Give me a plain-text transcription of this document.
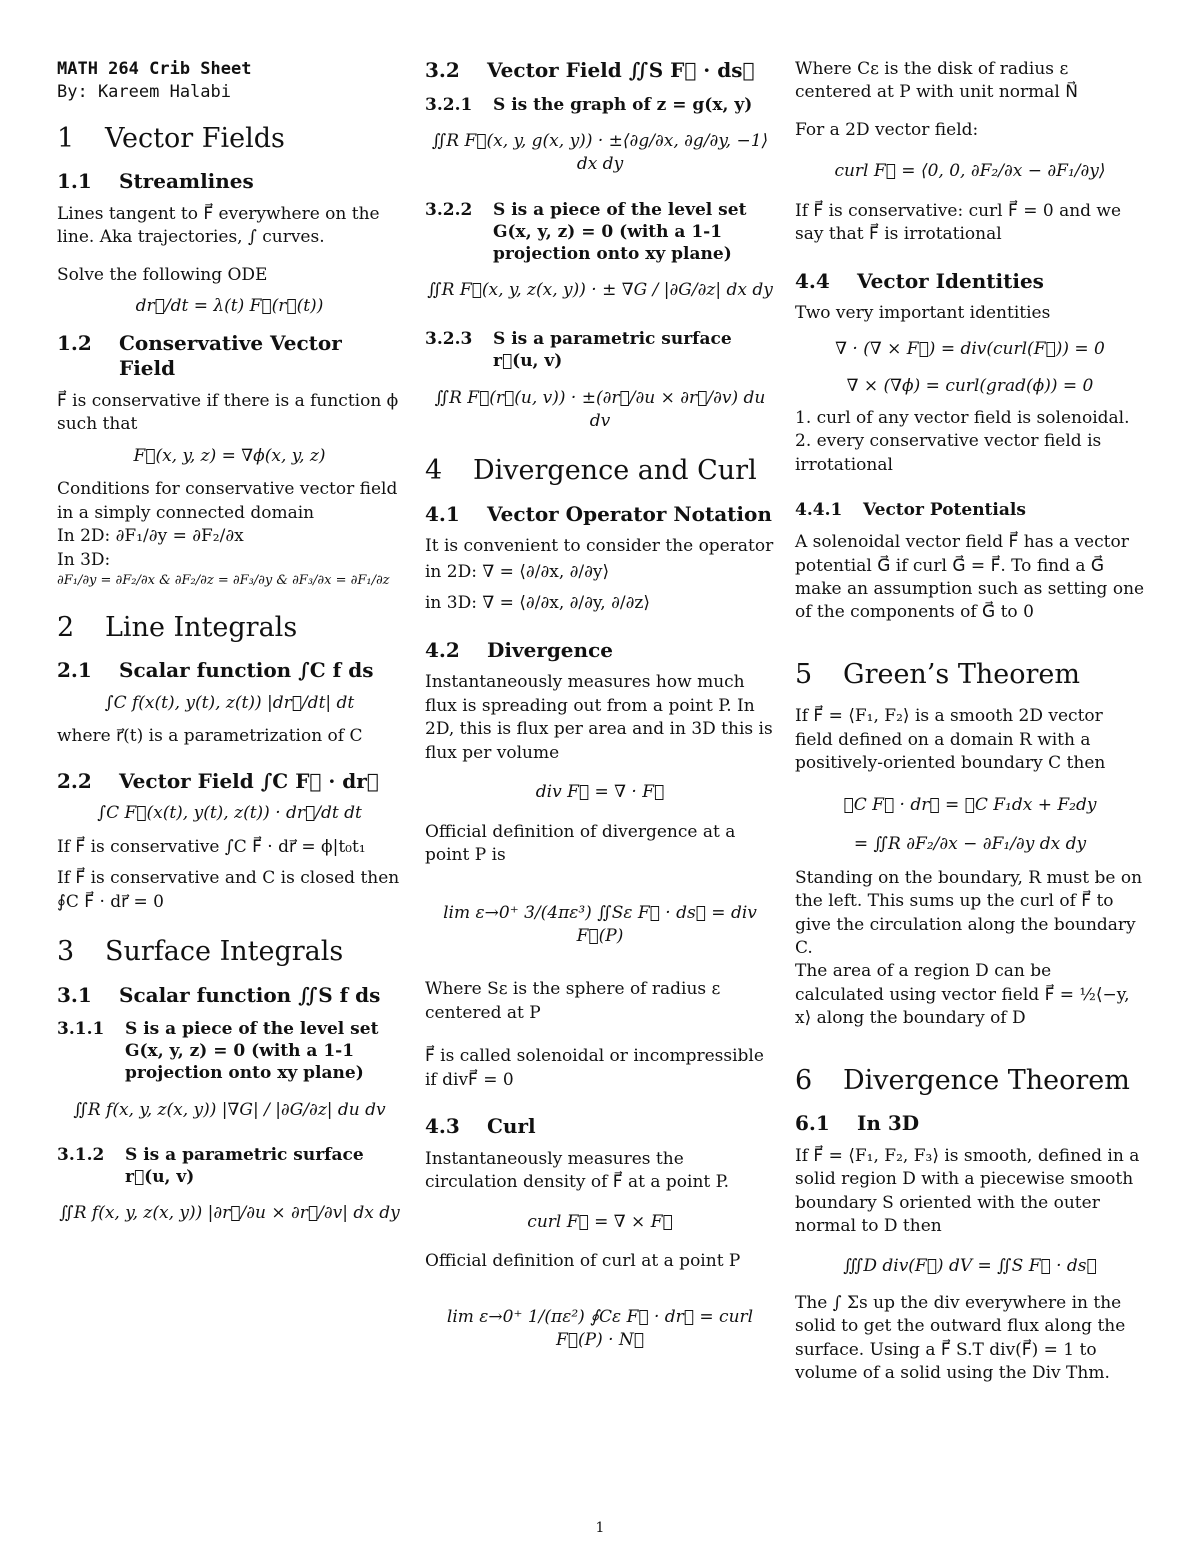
MATH 264 Crib Sheet
By: Kareem Halabi
1 Vector Fields
1.1	Streamlines

Lines tangent to F⃗ everywhere on the line. Aka trajectories, ∫ curves.

Solve the following ODE

dr⃗/dt = λ(t) F⃗(r⃗(t))
1.2	Conservative Vector Field

F⃗ is conservative if there is a function ϕ such that

F⃗(x, y, z) = ∇ϕ(x, y, z)

Conditions for conservative vector field in a simply connected domain

In 2D: ∂F₁/∂y = ∂F₂/∂x
In 3D:
∂F₁/∂y = ∂F₂/∂x & ∂F₂/∂z = ∂F₃/∂y & ∂F₃/∂x = ∂F₁/∂z
2 Line Integrals
2.1	Scalar function ∫C f ds
∫C f(x(t), y(t), z(t)) |dr⃗/dt| dt

where r⃗(t) is a parametrization of C

2.2	Vector Field ∫C F⃗ · dr⃗
∫C F⃗(x(t), y(t), z(t)) · dr⃗/dt dt

If F⃗ is conservative ∫C F⃗ · dr⃗ = ϕ|t₀t₁

If F⃗ is conservative and C is closed then ∮C F⃗ · dr⃗ = 0

3 Surface Integrals
3.1	Scalar function ∬S f ds
3.1.1	S is a piece of the level set G(x, y, z) = 0 (with a 1-1 projection onto xy plane)
∬R f(x, y, z(x, y)) |∇G| / |∂G/∂z| du dv
3.1.2	S is a parametric surface r⃗(u, v)
∬R f(x, y, z(x, y)) |∂r⃗/∂u × ∂r⃗/∂v| dx dy
3.2	Vector Field ∬S F⃗ · ds⃗
3.2.1	S is the graph of z = g(x, y)
∬R F⃗(x, y, g(x, y)) · ±⟨∂g/∂x, ∂g/∂y, −1⟩ dx dy
3.2.2	S is a piece of the level set G(x, y, z) = 0 (with a 1-1 projection onto xy plane)
∬R F⃗(x, y, z(x, y)) · ± ∇G / |∂G/∂z| dx dy
3.2.3	S is a parametric surface r⃗(u, v)
∬R F⃗(r⃗(u, v)) · ±(∂r⃗/∂u × ∂r⃗/∂v) du dv
4 Divergence and Curl
4.1	Vector Operator Notation

It is convenient to consider the operator

in 2D: ∇ = ⟨∂/∂x, ∂/∂y⟩
in 3D: ∇ = ⟨∂/∂x, ∂/∂y, ∂/∂z⟩
4.2	Divergence

Instantaneously measures how much flux is spreading out from a point P. In 2D, this is flux per area and in 3D this is flux per volume

div F⃗ = ∇ · F⃗

Official definition of divergence at a point P is

lim ε→0⁺ 3/(4πε³) ∬Sε F⃗ · ds⃗ = div F⃗(P)

Where Sε is the sphere of radius ε centered at P

F⃗ is called solenoidal or incompressible if divF⃗ = 0

4.3	Curl

Instantaneously measures the circulation density of F⃗ at a point P.

curl F⃗ = ∇ × F⃗

Official definition of curl at a point P

lim ε→0⁺ 1/(πε²) ∮Cε F⃗ · dr⃗ = curl F⃗(P) · N⃗

Where Cε is the disk of radius ε centered at P with unit normal N⃗

For a 2D vector field:

curl F⃗ = ⟨0, 0, ∂F₂/∂x − ∂F₁/∂y⟩

If F⃗ is conservative: curl F⃗ = 0 and we say that F⃗ is irrotational

4.4	Vector Identities

Two very important identities

∇ · (∇ × F⃗) = div(curl(F⃗)) = 0
∇ × (∇ϕ) = curl(grad(ϕ)) = 0
1. curl of any vector field is solenoidal.
2. every conservative vector field is irrotational
4.4.1	Vector Potentials

A solenoidal vector field F⃗ has a vector potential G⃗ if curl G⃗ = F⃗. To find a G⃗ make an assumption such as setting one of the components of G⃗ to 0

5 Green’s Theorem

If F⃗ = ⟨F₁, F₂⟩ is a smooth 2D vector field defined on a domain R with a positively-oriented boundary C then

∮C F⃗ · dr⃗ = ∮C F₁dx + F₂dy
= ∬R ∂F₂/∂x − ∂F₁/∂y dx dy

Standing on the boundary, R must be on the left. This sums up the curl of F⃗ to give the circulation along the boundary C.

The area of a region D can be calculated using vector field F⃗ = ½⟨−y, x⟩ along the boundary of D

6 Divergence Theorem
6.1	In 3D

If F⃗ = ⟨F₁, F₂, F₃⟩ is smooth, defined in a solid region D with a piecewise smooth boundary S oriented with the outer normal to D then

∭D div(F⃗) dV = ∬S F⃗ · ds⃗

The ∫ Σs up the div everywhere in the solid to get the outward flux along the surface. Using a F⃗ S.T div(F⃗) = 1 to volume of a solid using the Div Thm.

1
